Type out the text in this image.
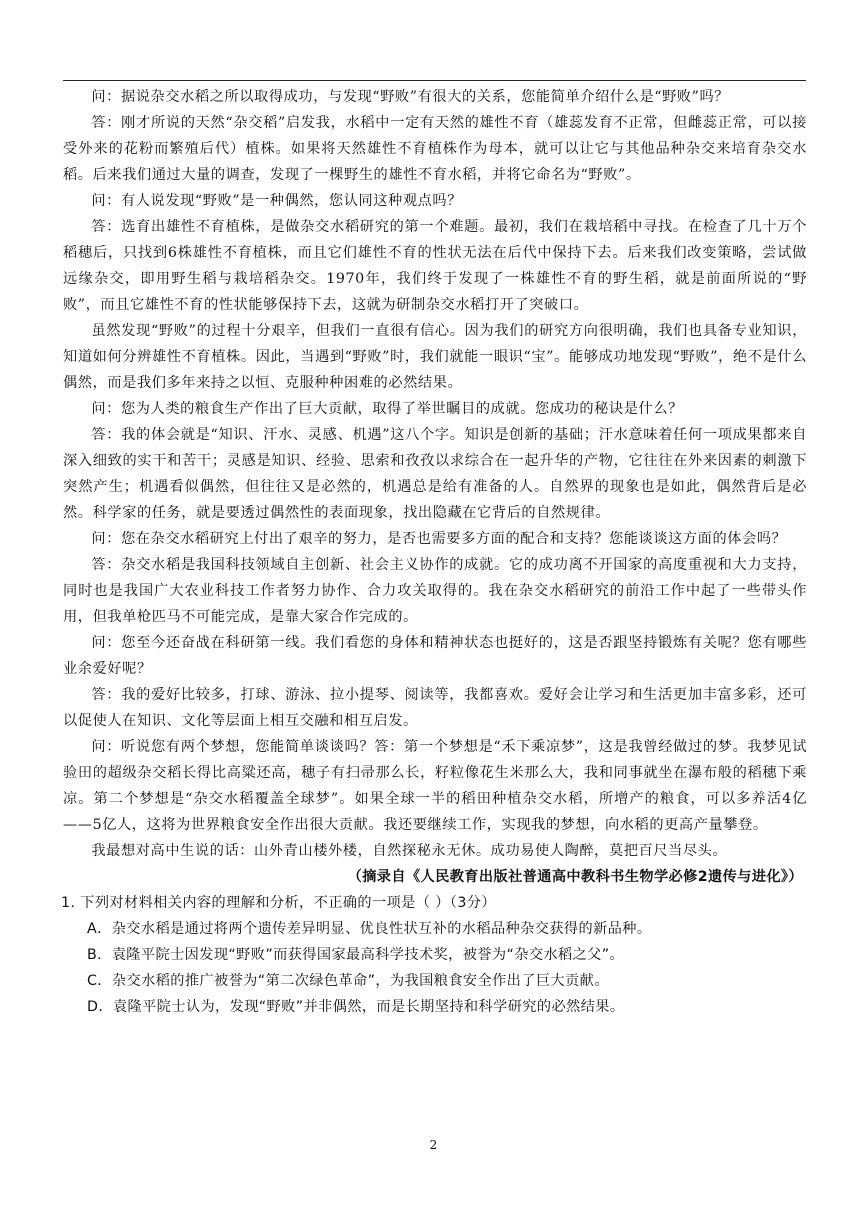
问：据说杂交水稻之所以取得成功，与发现“野败”有很大的关系，您能简单介绍什么是“野败”吗？

答：刚才所说的天然“杂交稻”启发我，水稻中一定有天然的雄性不育（雄蕊发育不正常，但雌蕊正常，可以接受外来的花粉而繁殖后代）植株。如果将天然雄性不育植株作为母本，就可以让它与其他品种杂交来培育杂交水稻。后来我们通过大量的调查，发现了一棵野生的雄性不育水稻，并将它命名为“野败”。

问：有人说发现“野败”是一种偶然，您认同这种观点吗？

答：选育出雄性不育植株，是做杂交水稻研究的第一个难题。最初，我们在栽培稻中寻找。在检查了几十万个稻穗后，只找到6株雄性不育植株，而且它们雄性不育的性状无法在后代中保持下去。后来我们改变策略，尝试做远缘杂交，即用野生稻与栽培稻杂交。1970年，我们终于发现了一株雄性不育的野生稻，就是前面所说的“野败”，而且它雄性不育的性状能够保持下去，这就为研制杂交水稻打开了突破口。

虽然发现“野败”的过程十分艰辛，但我们一直很有信心。因为我们的研究方向很明确，我们也具备专业知识，知道如何分辨雄性不育植株。因此，当遇到“野败”时，我们就能一眼识“宝”。能够成功地发现“野败”，绝不是什么偶然，而是我们多年来持之以恒、克服种种困难的必然结果。

问：您为人类的粮食生产作出了巨大贡献，取得了举世瞩目的成就。您成功的秘诀是什么？

答：我的体会就是“知识、汗水、灵感、机遇”这八个字。知识是创新的基础；汗水意味着任何一项成果都来自深入细致的实干和苦干；灵感是知识、经验、思索和孜孜以求综合在一起升华的产物，它往往在外来因素的刺激下突然产生；机遇看似偶然，但往往又是必然的，机遇总是给有准备的人。自然界的现象也是如此，偶然背后是必然。科学家的任务，就是要透过偶然性的表面现象，找出隐藏在它背后的自然规律。

问：您在杂交水稻研究上付出了艰辛的努力，是否也需要多方面的配合和支持？您能谈谈这方面的体会吗？

答：杂交水稻是我国科技领域自主创新、社会主义协作的成就。它的成功离不开国家的高度重视和大力支持，同时也是我国广大农业科技工作者努力协作、合力攻关取得的。我在杂交水稻研究的前沿工作中起了一些带头作用，但我单枪匹马不可能完成，是靠大家合作完成的。

问：您至今还奋战在科研第一线。我们看您的身体和精神状态也挺好的，这是否跟坚持锻炼有关呢？您有哪些业余爱好呢？

答：我的爱好比较多，打球、游泳、拉小提琴、阅读等，我都喜欢。爱好会让学习和生活更加丰富多彩，还可以促使人在知识、文化等层面上相互交融和相互启发。

问：听说您有两个梦想，您能简单谈谈吗？答：第一个梦想是“禾下乘凉梦”，这是我曾经做过的梦。我梦见试验田的超级杂交稻长得比高粱还高，穗子有扫帚那么长，籽粒像花生米那么大，我和同事就坐在瀑布般的稻穗下乘凉。第二个梦想是“杂交水稻覆盖全球梦”。如果全球一半的稻田种植杂交水稻，所增产的粮食，可以多养活4亿——5亿人，这将为世界粮食安全作出很大贡献。我还要继续工作，实现我的梦想，向水稻的更高产量攀登。

我最想对高中生说的话：山外青山楼外楼，自然探秘永无休。成功易使人陶醉，莫把百尺当尽头。

（摘录自《人民教育出版社普通高中教科书生物学必修2遗传与进化》）

1. 下列对材料相关内容的理解和分析，不正确的一项是（ ）（3分）

A．杂交水稻是通过将两个遗传差异明显、优良性状互补的水稻品种杂交获得的新品种。

B．袁隆平院士因发现“野败”而获得国家最高科学技术奖，被誉为“杂交水稻之父”。

C．杂交水稻的推广被誉为“第二次绿色革命”，为我国粮食安全作出了巨大贡献。

D．袁隆平院士认为，发现“野败”并非偶然，而是长期坚持和科学研究的必然结果。

2
